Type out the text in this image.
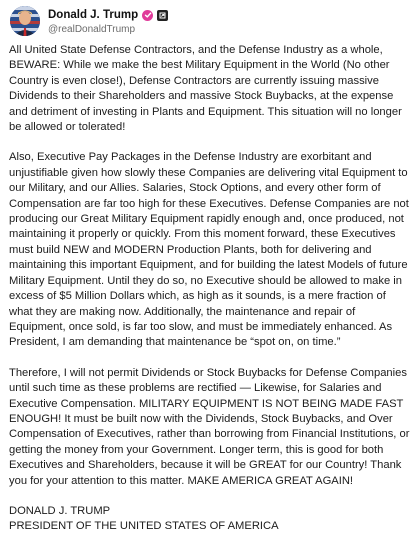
Donald J. Trump
@realDonaldTrump

All United State Defense Contractors, and the Defense Industry as a whole, BEWARE: While we make the best Military Equipment in the World (No other Country is even close!), Defense Contractors are currently issuing massive Dividends to their Shareholders and massive Stock Buybacks, at the expense and detriment of investing in Plants and Equipment. This situation will no longer be allowed or tolerated!

Also, Executive Pay Packages in the Defense Industry are exorbitant and unjustifiable given how slowly these Companies are delivering vital Equipment to our Military, and our Allies. Salaries, Stock Options, and every other form of Compensation are far too high for these Executives. Defense Companies are not producing our Great Military Equipment rapidly enough and, once produced, not maintaining it properly or quickly. From this moment forward, these Executives must build NEW and MODERN Production Plants, both for delivering and maintaining this important Equipment, and for building the latest Models of future Military Equipment. Until they do so, no Executive should be allowed to make in excess of $5 Million Dollars which, as high as it sounds, is a mere fraction of what they are making now. Additionally, the maintenance and repair of Equipment, once sold, is far too slow, and must be immediately enhanced. As President, I am demanding that maintenance be “spot on, on time.”

Therefore, I will not permit Dividends or Stock Buybacks for Defense Companies until such time as these problems are rectified — Likewise, for Salaries and Executive Compensation. MILITARY EQUIPMENT IS NOT BEING MADE FAST ENOUGH! It must be built now with the Dividends, Stock Buybacks, and Over Compensation of Executives, rather than borrowing from Financial Institutions, or getting the money from your Government. Longer term, this is good for both Executives and Shareholders, because it will be GREAT for our Country! Thank you for your attention to this matter. MAKE AMERICA GREAT AGAIN!

DONALD J. TRUMP
PRESIDENT OF THE UNITED STATES OF AMERICA
